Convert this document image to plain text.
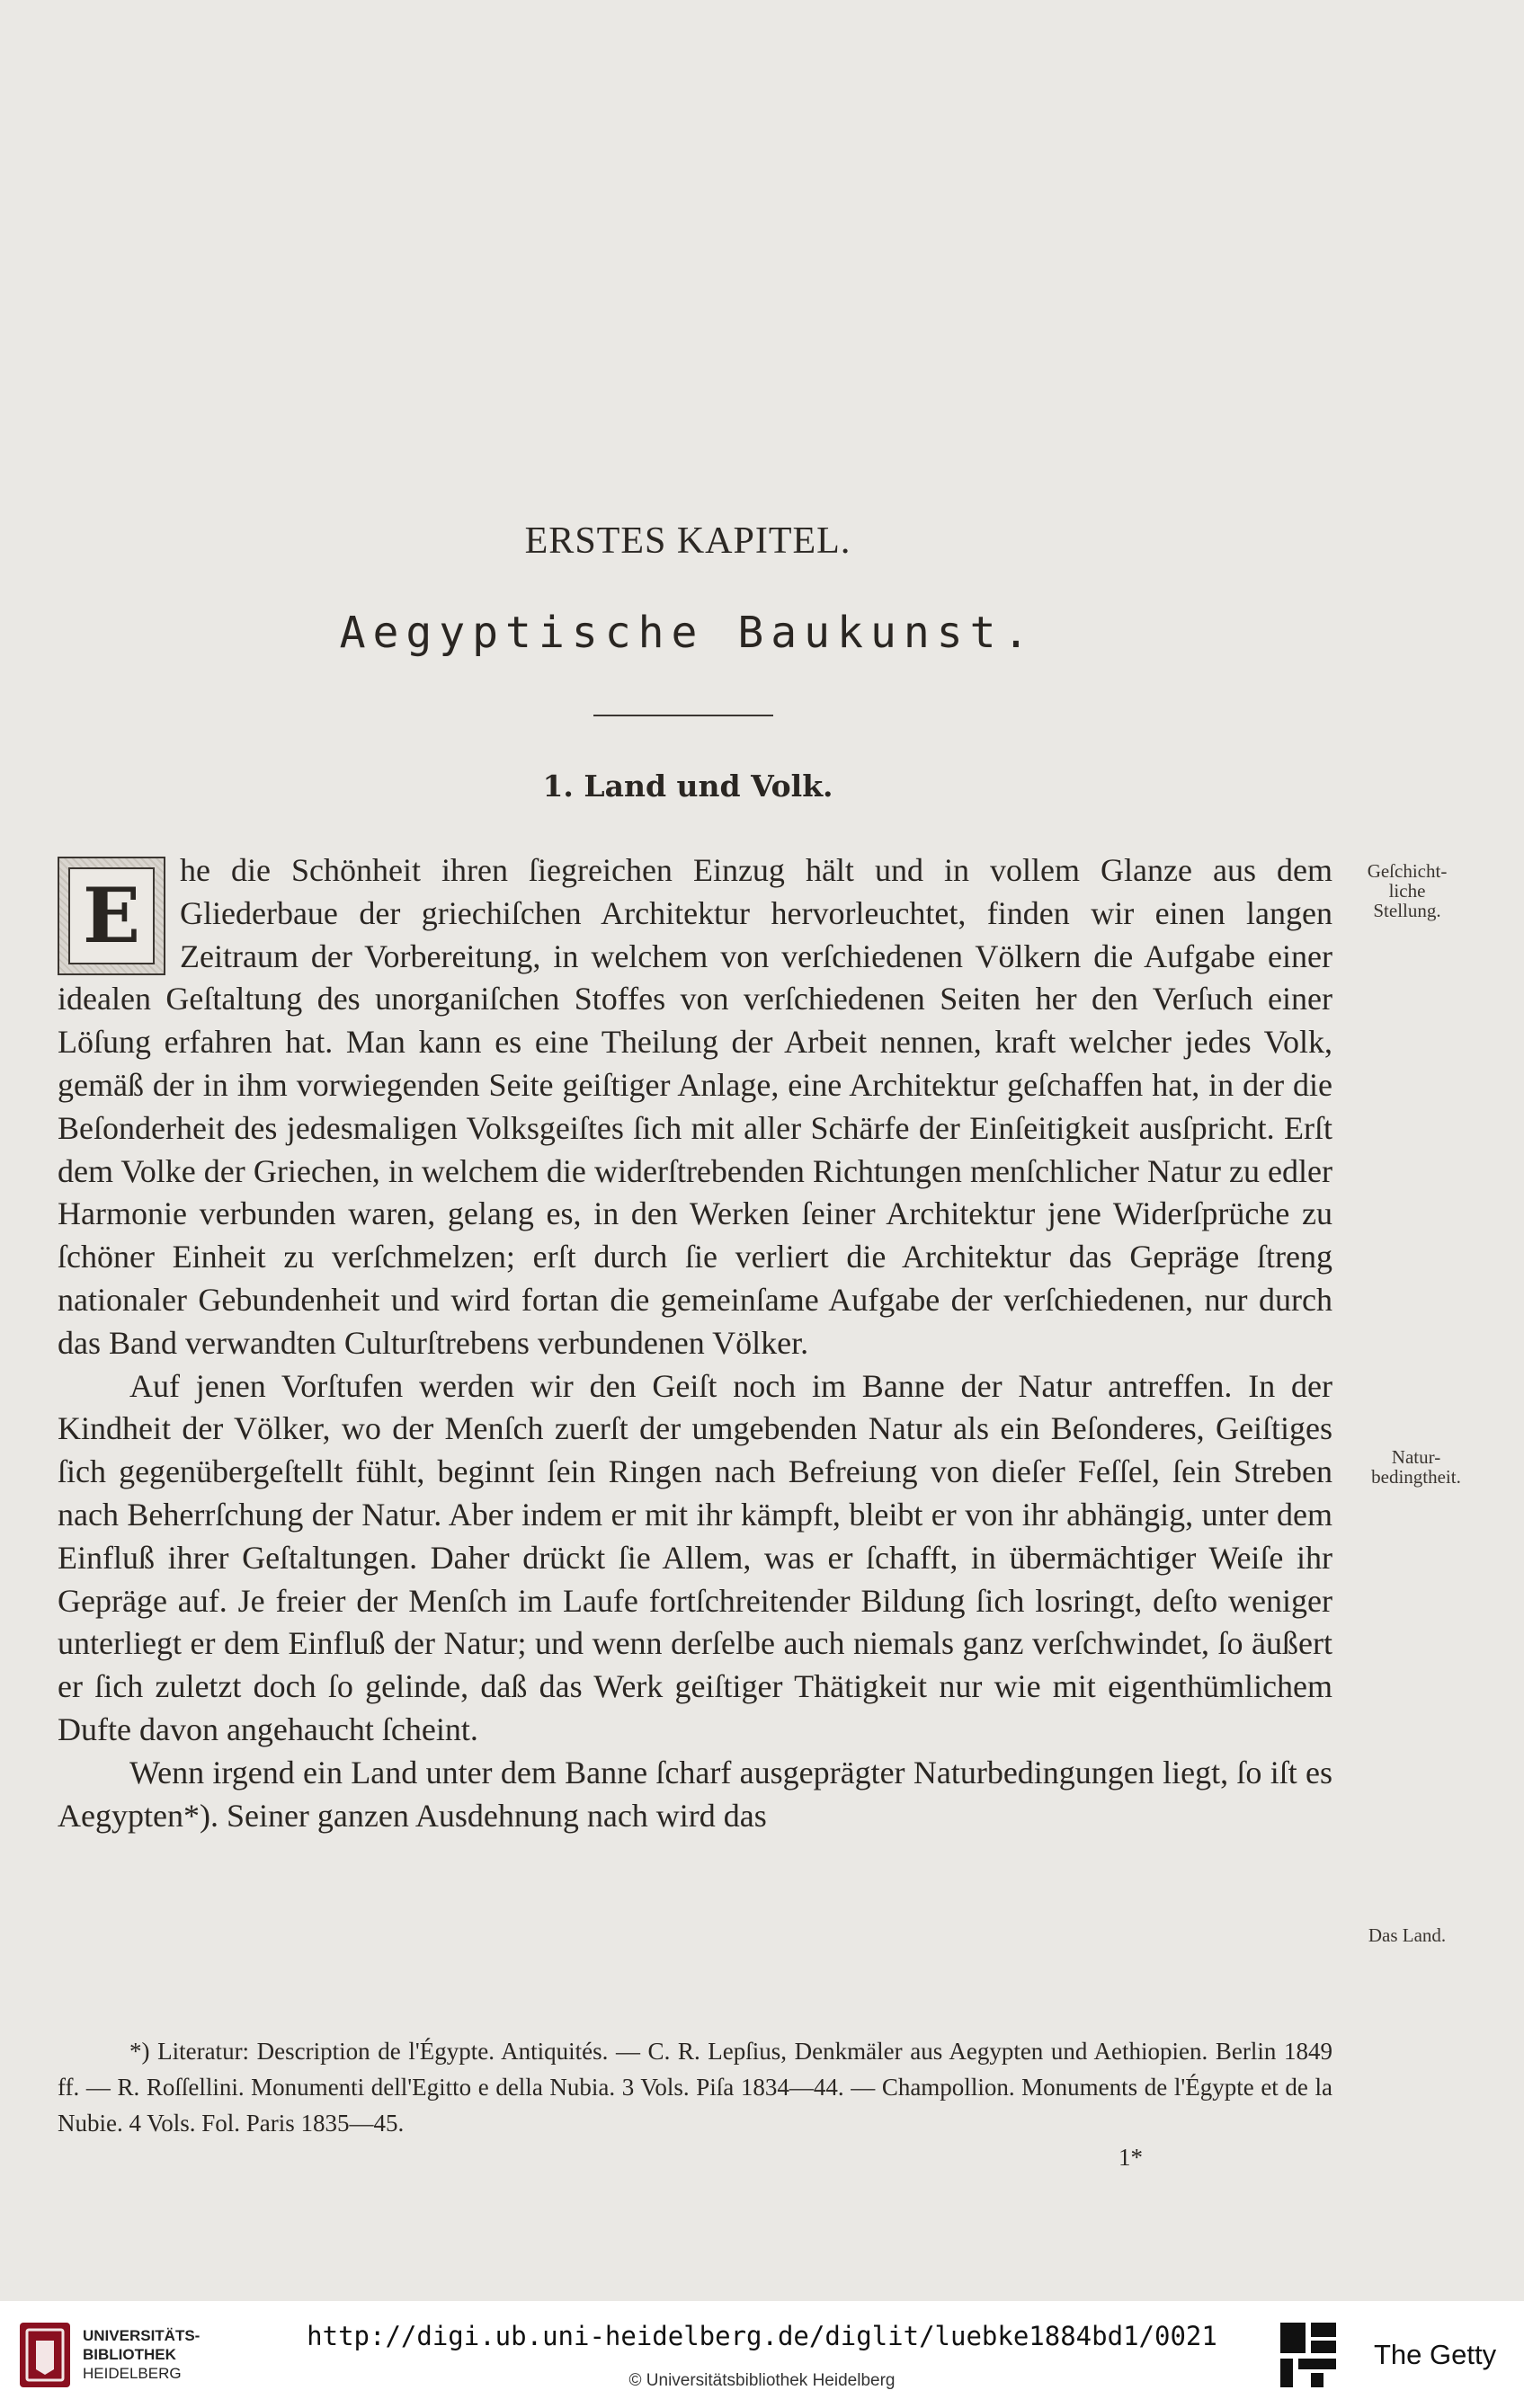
ERSTES KAPITEL.
Aegyptische Baukunst.
1. Land und Volk.

E
he die Schönheit ihren ſiegreichen Einzug hält und in vollem Glanze aus dem Gliederbaue der griechiſchen Architektur hervorleuchtet, finden wir einen langen Zeitraum der Vorbereitung, in welchem von verſchiedenen Völkern die Aufgabe einer idealen Geſtaltung des unorganiſchen Stoffes von verſchiedenen Seiten her den Verſuch einer Löſung erfahren hat. Man kann es eine Theilung der Arbeit nennen, kraft welcher jedes Volk, gemäß der in ihm vorwiegenden Seite geiſtiger Anlage, eine Architektur geſchaffen hat, in der die Beſonderheit des jedesmaligen Volksgeiſtes ſich mit aller Schärfe der Einſeitigkeit ausſpricht. Erſt dem Volke der Griechen, in welchem die widerſtrebenden Richtungen menſchlicher Natur zu edler Harmonie verbunden waren, gelang es, in den Werken ſeiner Architektur jene Widerſprüche zu ſchöner Einheit zu verſchmelzen; erſt durch ſie verliert die Architektur das Gepräge ſtreng nationaler Gebundenheit und wird fortan die gemeinſame Aufgabe der verſchiedenen, nur durch das Band verwandten Culturſtrebens verbundenen Völker.

Auf jenen Vorſtufen werden wir den Geiſt noch im Banne der Natur antreffen. In der Kindheit der Völker, wo der Menſch zuerſt der umgebenden Natur als ein Beſonderes, Geiſtiges ſich gegenübergeſtellt fühlt, beginnt ſein Ringen nach Befreiung von dieſer Feſſel, ſein Streben nach Beherrſchung der Natur. Aber indem er mit ihr kämpft, bleibt er von ihr abhängig, unter dem Einfluß ihrer Geſtaltungen. Daher drückt ſie Allem, was er ſchafft, in übermächtiger Weiſe ihr Gepräge auf. Je freier der Menſch im Laufe fortſchreitender Bildung ſich losringt, deſto weniger unterliegt er dem Einfluß der Natur; und wenn derſelbe auch niemals ganz verſchwindet, ſo äußert er ſich zuletzt doch ſo gelinde, daß das Werk geiſtiger Thätigkeit nur wie mit eigenthümlichem Dufte davon angehaucht ſcheint.

Wenn irgend ein Land unter dem Banne ſcharf ausgeprägter Naturbedingungen liegt, ſo iſt es Aegypten*). Seiner ganzen Ausdehnung nach wird das

Geſchicht-
liche
Stellung.
Natur-
bedingtheit.
Das Land.
*) Literatur: Description de l'Égypte. Antiquités. — C. R. Lepſius, Denkmäler aus Aegypten und Aethiopien. Berlin 1849 ff. — R. Roſſellini. Monumenti dell'Egitto e della Nubia. 3 Vols. Piſa 1834—44. — Champollion. Monuments de l'Égypte et de la Nubie. 4 Vols. Fol. Paris 1835—45.
1*
UNIVERSITÄTS-
BIBLIOTHEK
HEIDELBERG
http://digi.ub.uni-heidelberg.de/diglit/luebke1884bd1/0021
© Universitätsbibliothek Heidelberg
The Getty
